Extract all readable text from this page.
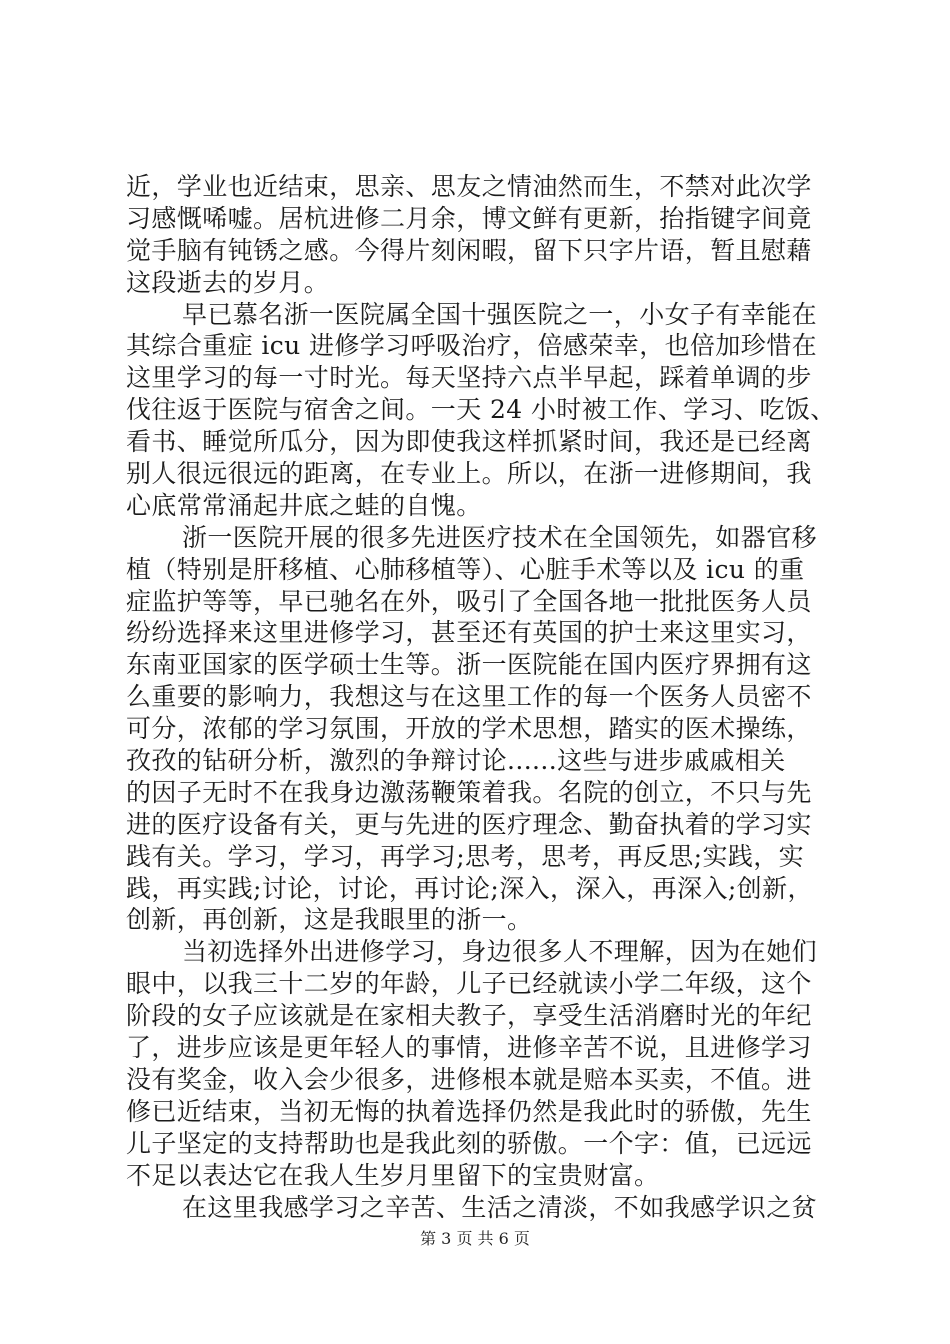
近，学业也近结束，思亲、思友之情油然而生，不禁对此次学
习感慨唏嘘。居杭进修二月余，博文鲜有更新，抬指键字间竟
觉手脑有钝锈之感。今得片刻闲暇，留下只字片语，暂且慰藉
这段逝去的岁月。
早已慕名浙一医院属全国十强医院之一，小女子有幸能在
其综合重症 icu 进修学习呼吸治疗，倍感荣幸，也倍加珍惜在
这里学习的每一寸时光。每天坚持六点半早起，踩着单调的步
伐往返于医院与宿舍之间。一天 24 小时被工作、学习、吃饭、
看书、睡觉所瓜分，因为即使我这样抓紧时间，我还是已经离
别人很远很远的距离，在专业上。所以，在浙一进修期间，我
心底常常涌起井底之蛙的自愧。
浙一医院开展的很多先进医疗技术在全国领先，如器官移
植（特别是肝移植、心肺移植等）、心脏手术等以及 icu 的重
症监护等等，早已驰名在外，吸引了全国各地一批批医务人员
纷纷选择来这里进修学习，甚至还有英国的护士来这里实习，
东南亚国家的医学硕士生等。浙一医院能在国内医疗界拥有这
么重要的影响力，我想这与在这里工作的每一个医务人员密不
可分，浓郁的学习氛围，开放的学术思想，踏实的医术操练，
孜孜的钻研分析，激烈的争辩讨论......这些与进步戚戚相关
的因子无时不在我身边激荡鞭策着我。名院的创立，不只与先
进的医疗设备有关，更与先进的医疗理念、勤奋执着的学习实
践有关。学习，学习，再学习;思考，思考，再反思;实践，实
践，再实践;讨论，讨论，再讨论;深入，深入，再深入;创新，
创新，再创新，这是我眼里的浙一。
当初选择外出进修学习，身边很多人不理解，因为在她们
眼中，以我三十二岁的年龄，儿子已经就读小学二年级，这个
阶段的女子应该就是在家相夫教子，享受生活消磨时光的年纪
了，进步应该是更年轻人的事情，进修辛苦不说，且进修学习
没有奖金，收入会少很多，进修根本就是赔本买卖，不值。进
修已近结束，当初无悔的执着选择仍然是我此时的骄傲，先生
儿子坚定的支持帮助也是我此刻的骄傲。一个字：值，已远远
不足以表达它在我人生岁月里留下的宝贵财富。
在这里我感学习之辛苦、生活之清淡，不如我感学识之贫
第 3 页 共 6 页
